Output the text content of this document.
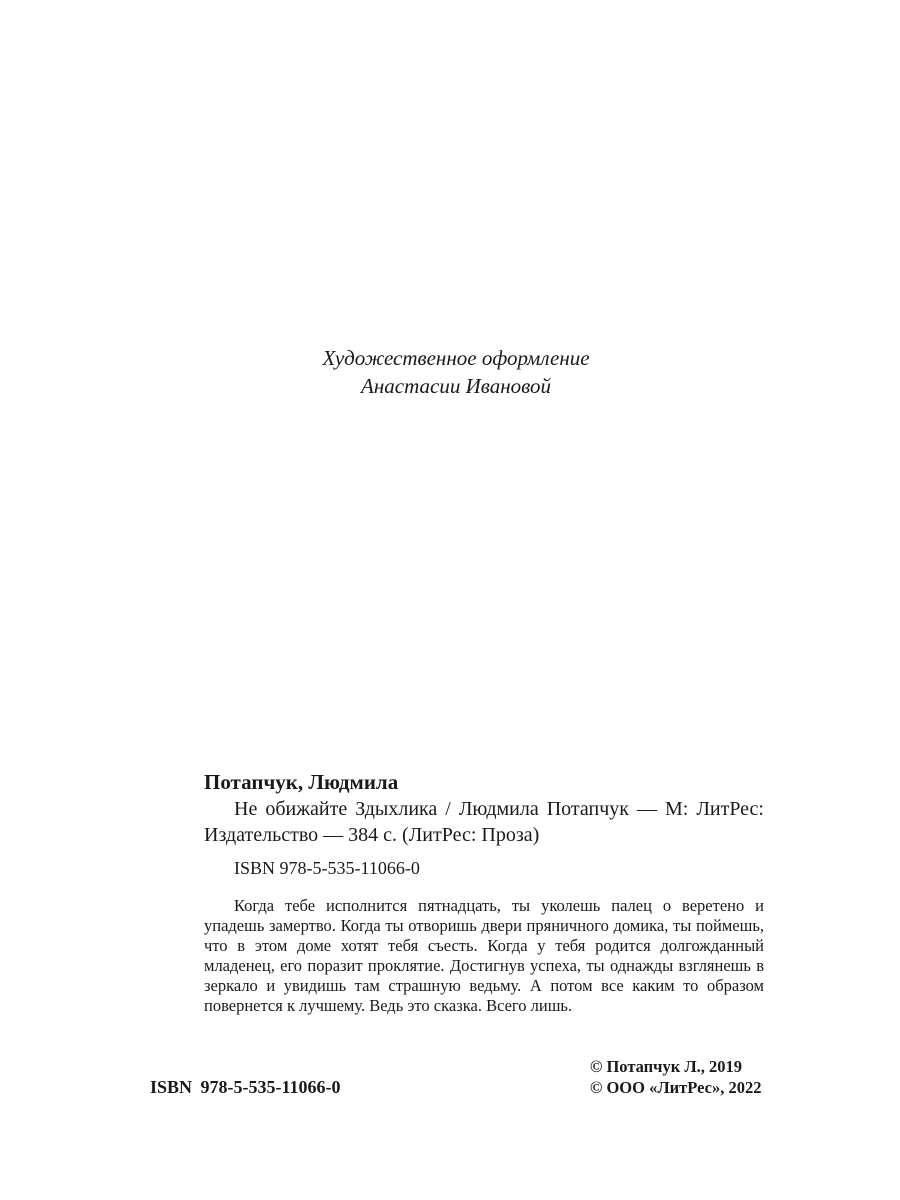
Художественное оформление
Анастасии Ивановой

Потапчук, Людмила

Не обижайте Здыхлика / Людмила Потапчук — М: ЛитРес: Издательство — 384 с. (ЛитРес: Проза)

ISBN 978-5-535-11066-0

Когда тебе исполнится пятнадцать, ты уколешь палец о веретено и упадешь замертво. Когда ты отворишь двери пряничного домика, ты поймешь, что в этом доме хотят тебя съесть. Когда у тебя родится долгожданный младенец, его поразит проклятие. Достигнув успеха, ты однажды взглянешь в зеркало и увидишь там страшную ведьму. А потом все каким то образом повернется к лучшему. Ведь это сказка. Всего лишь.

ISBN 978-5-535-11066-0
© Потапчук Л., 2019
© ООО «ЛитРес», 2022
